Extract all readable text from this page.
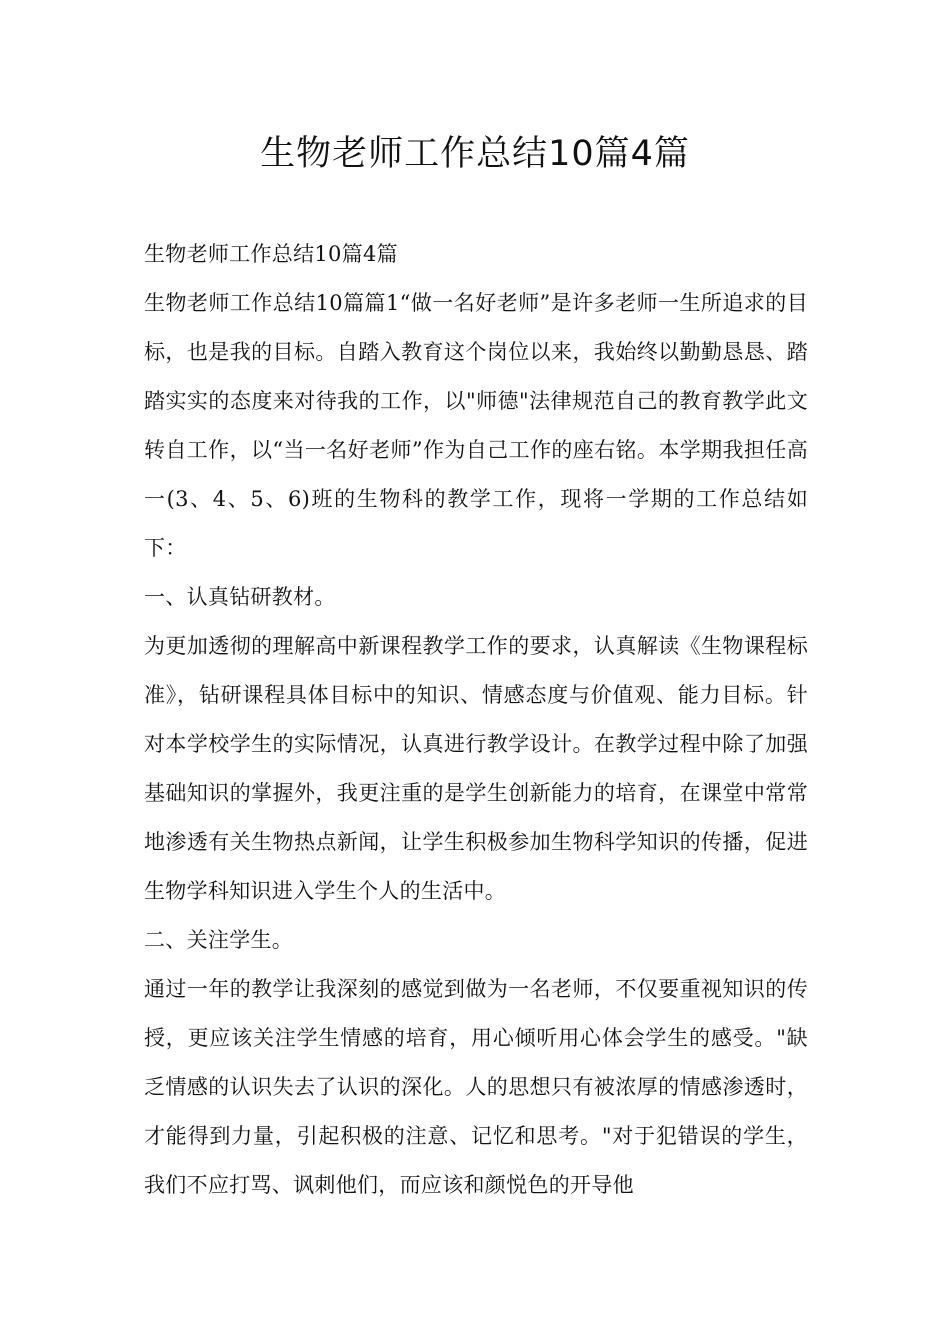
生物老师工作总结10篇4篇

生物老师工作总结10篇4篇

生物老师工作总结10篇篇1“做一名好老师”是许多老师一生所追求的目标，也是我的目标。自踏入教育这个岗位以来，我始终以勤勤恳恳、踏踏实实的态度来对待我的工作，以"师德"法律规范自己的教育教学此文转自工作，以“当一名好老师”作为自己工作的座右铭。本学期我担任高一(3、4、5、6)班的生物科的教学工作，现将一学期的工作总结如下：

一、认真钻研教材。

为更加透彻的理解高中新课程教学工作的要求，认真解读《生物课程标准》，钻研课程具体目标中的知识、情感态度与价值观、能力目标。针对本学校学生的实际情况，认真进行教学设计。在教学过程中除了加强基础知识的掌握外，我更注重的是学生创新能力的培育，在课堂中常常地渗透有关生物热点新闻，让学生积极参加生物科学知识的传播，促进生物学科知识进入学生个人的生活中。

二、关注学生。

通过一年的教学让我深刻的感觉到做为一名老师，不仅要重视知识的传授，更应该关注学生情感的培育，用心倾听用心体会学生的感受。"缺乏情感的认识失去了认识的深化。人的思想只有被浓厚的情感渗透时，才能得到力量，引起积极的注意、记忆和思考。"对于犯错误的学生，我们不应打骂、讽刺他们，而应该和颜悦色的开导他
